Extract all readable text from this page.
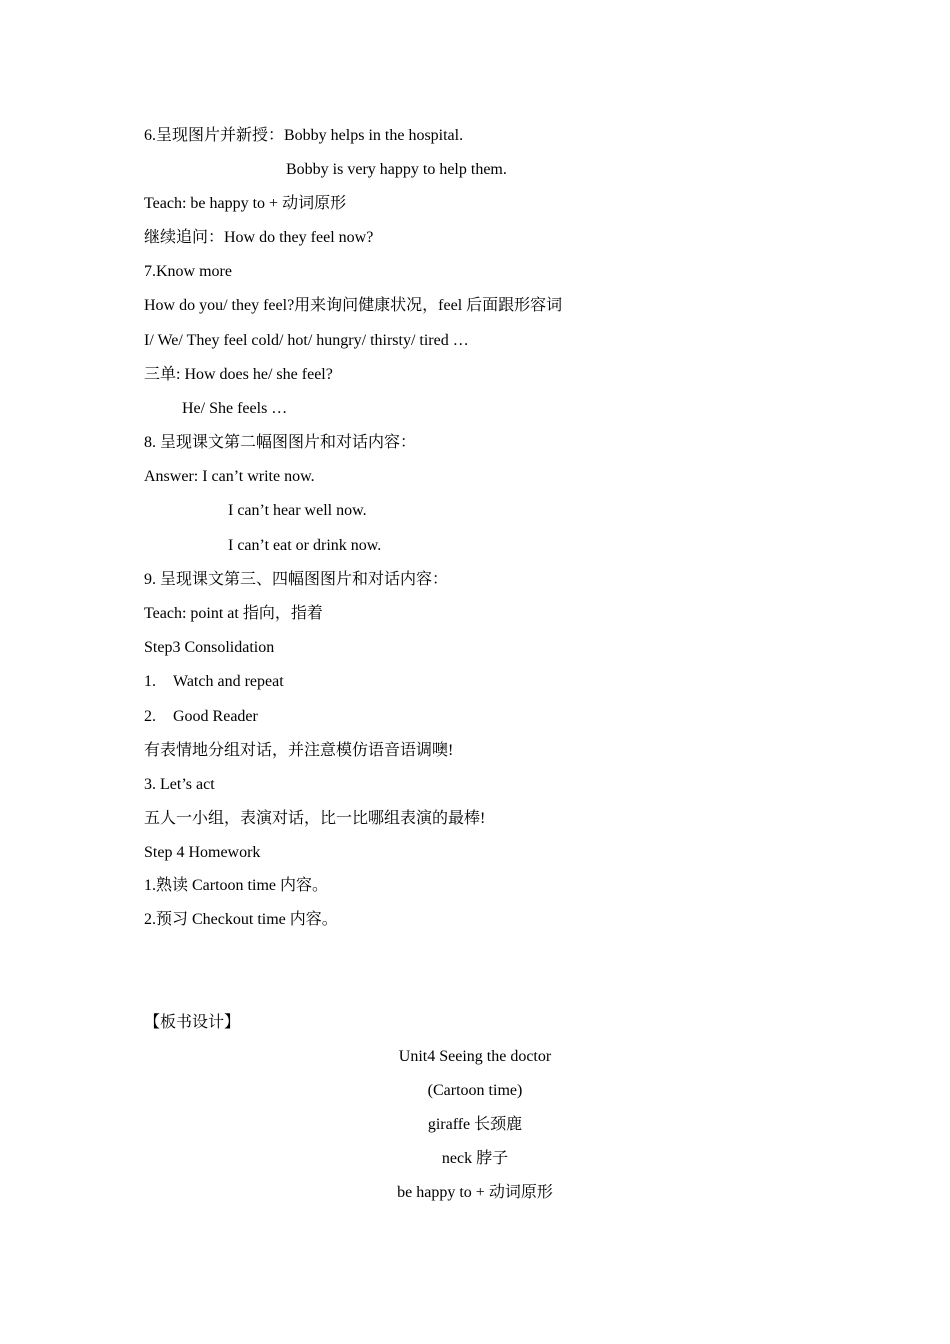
6.呈现图片并新授：Bobby helps in the hospital.
Bobby is very happy to help them.
Teach: be happy to + 动词原形
继续追问：How do they feel now?
7.Know more
How do you/ they feel?用来询问健康状况，feel 后面跟形容词
I/ We/ They feel cold/ hot/ hungry/ thirsty/ tired …
三单: How does he/ she feel?
He/ She feels …
8. 呈现课文第二幅图图片和对话内容：
Answer: I can’t write now.
I can’t hear well now.
I can’t eat or drink now.
9. 呈现课文第三、四幅图图片和对话内容：
Teach: point at 指向，指着
Step3 Consolidation
1. Watch and repeat
2. Good Reader
有表情地分组对话，并注意模仿语音语调噢!
3. Let’s act
五人一小组，表演对话，比一比哪组表演的最棒!
Step 4 Homework
1.熟读 Cartoon time 内容。
2.预习 Checkout time 内容。
【板书设计】
Unit4 Seeing the doctor
(Cartoon time)
giraffe 长颈鹿
neck 脖子
be happy to + 动词原形
